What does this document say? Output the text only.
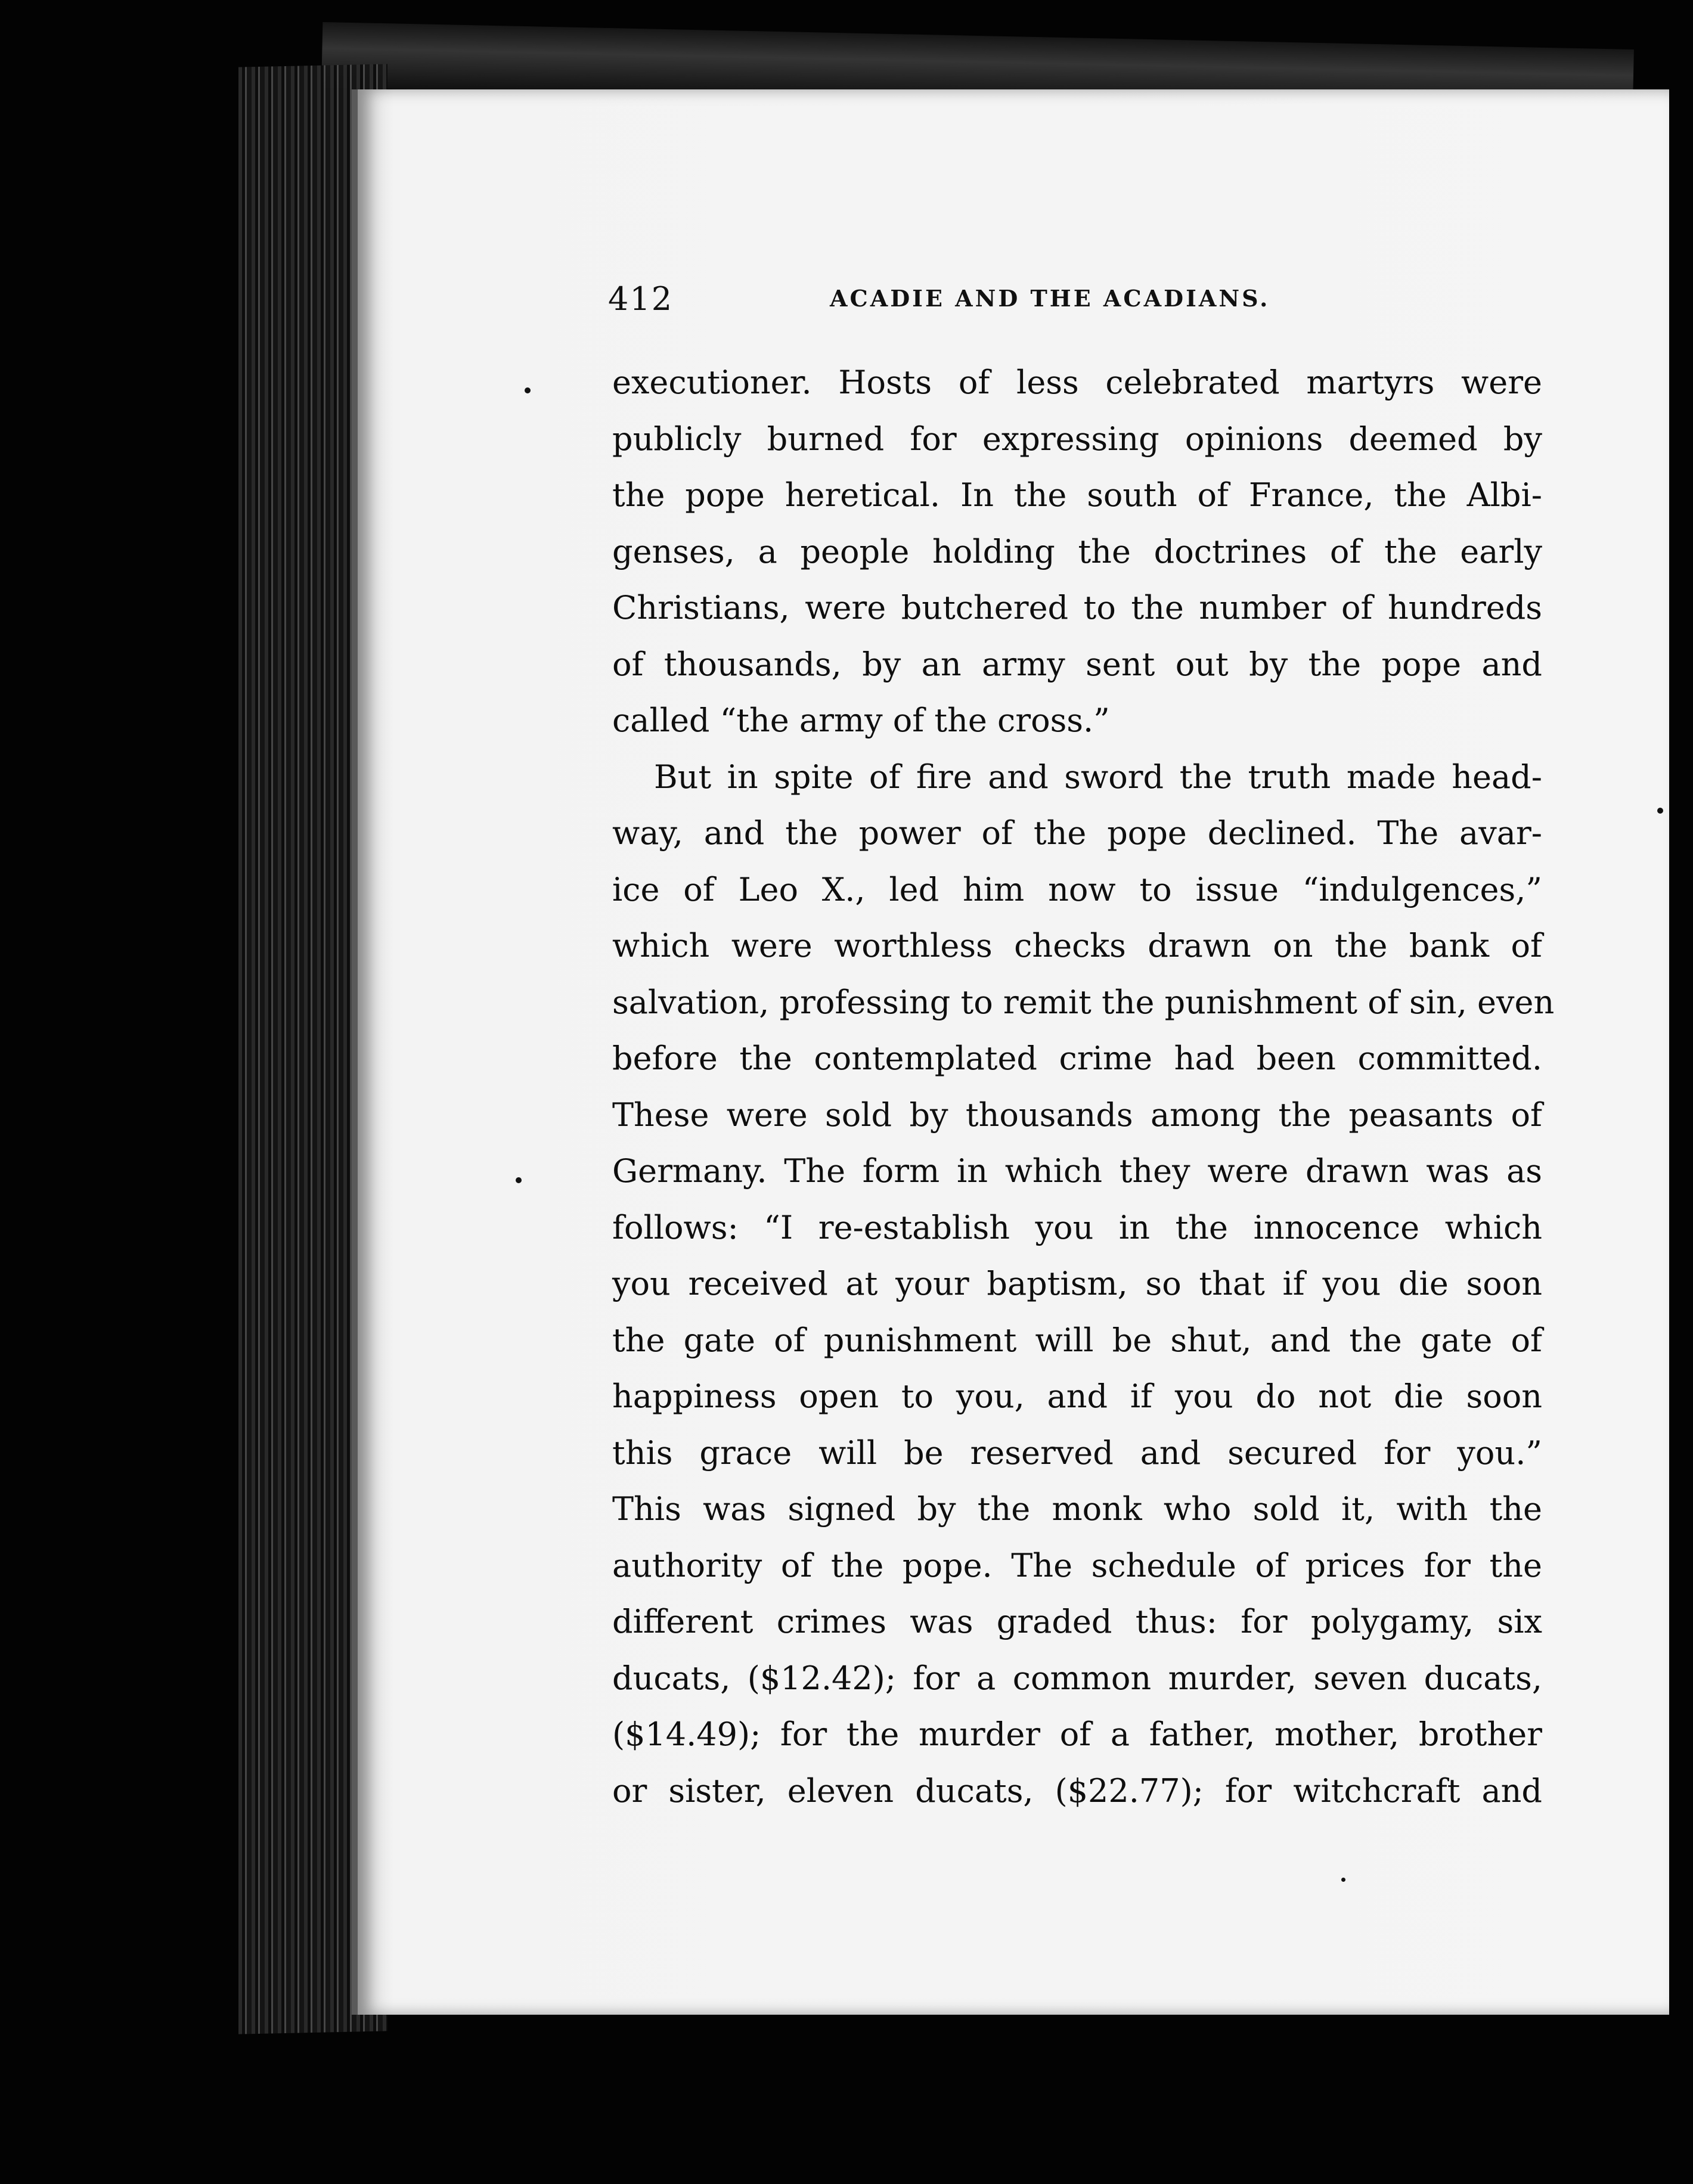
412	ACADIE AND THE ACADIANS.
executioner. Hosts of less celebrated martyrs were
publicly burned for expressing opinions deemed by
the pope heretical. In the south of France, the Albi-
genses, a people holding the doctrines of the early
Christians, were butchered to the number of hundreds
of thousands, by an army sent out by the pope and
called “the army of the cross.”
But in spite of fire and sword the truth made head-
way, and the power of the pope declined. The avar-
ice of Leo X., led him now to issue “indulgences,”
which were worthless checks drawn on the bank of
salvation, professing to remit the punishment of sin, even
before the contemplated crime had been committed.
These were sold by thousands among the peasants of
Germany. The form in which they were drawn was as
follows: “I re-establish you in the innocence which
you received at your baptism, so that if you die soon
the gate of punishment will be shut, and the gate of
happiness open to you, and if you do not die soon
this grace will be reserved and secured for you.”
This was signed by the monk who sold it, with the
authority of the pope. The schedule of prices for the
different crimes was graded thus: for polygamy, six
ducats, ($12.42); for a common murder, seven ducats,
($14.49); for the murder of a father, mother, brother
or sister, eleven ducats, ($22.77); for witchcraft and
